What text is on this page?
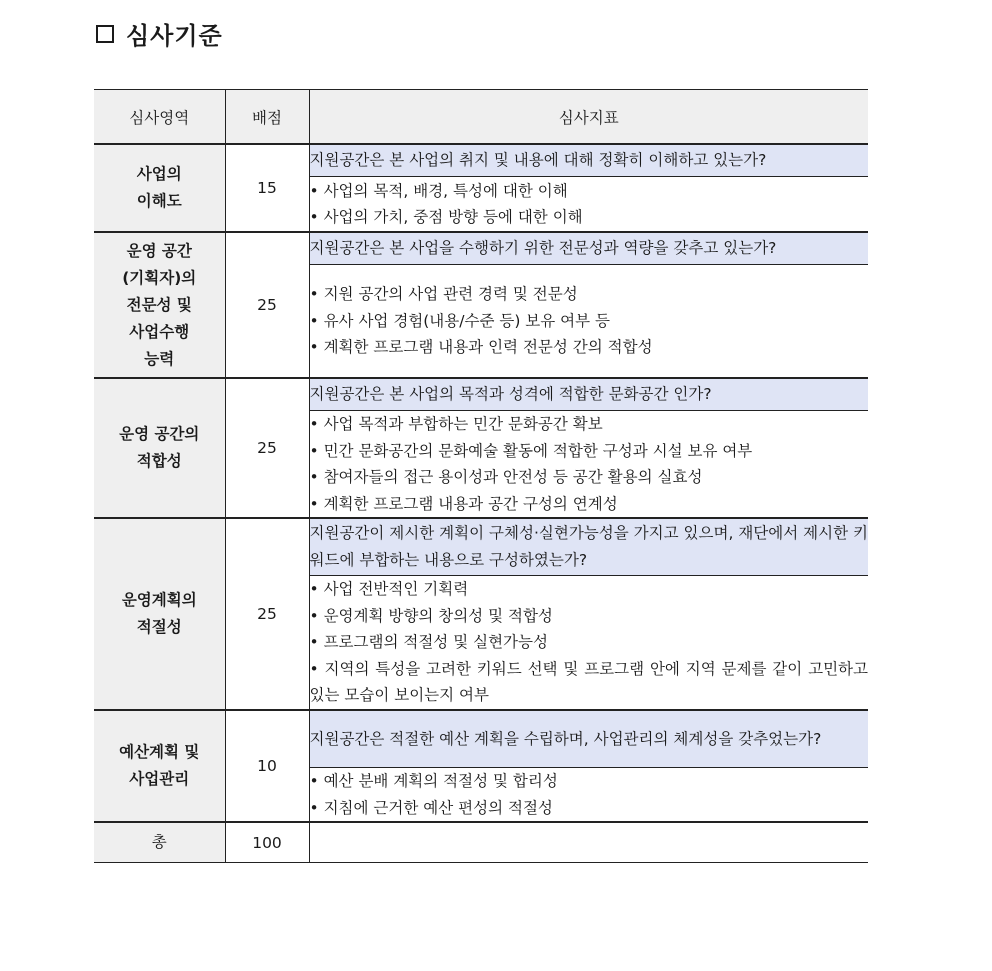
심사기준
심사영역	배점	심사지표

사업의
이해도	15	지원공간은 본 사업의 취지 및 내용에 대해 정확히 이해하고 있는가?

		• 사업의 목적, 배경, 특성에 대한 이해
• 사업의 가치, 중점 방향 등에 대한 이해

운영 공간
(기획자)의
전문성 및
사업수행
능력	25	지원공간은 본 사업을 수행하기 위한 전문성과 역량을 갖추고 있는가?

		• 지원 공간의 사업 관련 경력 및 전문성
• 유사 사업 경험(내용/수준 등) 보유 여부 등
• 계획한 프로그램 내용과 인력 전문성 간의 적합성

운영 공간의
적합성	25	지원공간은 본 사업의 목적과 성격에 적합한 문화공간 인가?

		• 사업 목적과 부합하는 민간 문화공간 확보
• 민간 문화공간의 문화예술 활동에 적합한 구성과 시설 보유 여부
• 참여자들의 접근 용이성과 안전성 등 공간 활용의 실효성
• 계획한 프로그램 내용과 공간 구성의 연계성

운영계획의
적절성	25	지원공간이 제시한 계획이 구체성·실현가능성을 가지고 있으며, 재단에서 제시한 키워드에 부합하는 내용으로 구성하였는가?

		• 사업 전반적인 기획력
• 운영계획 방향의 창의성 및 적합성
• 프로그램의 적절성 및 실현가능성
• 지역의 특성을 고려한 키워드 선택 및 프로그램 안에 지역 문제를 같이 고민하고 있는 모습이 보이는지 여부

예산계획 및
사업관리	10	지원공간은 적절한 예산 계획을 수립하며, 사업관리의 체계성을 갖추었는가?

		• 예산 분배 계획의 적절성 및 합리성
• 지침에 근거한 예산 편성의 적절성

총	100	
